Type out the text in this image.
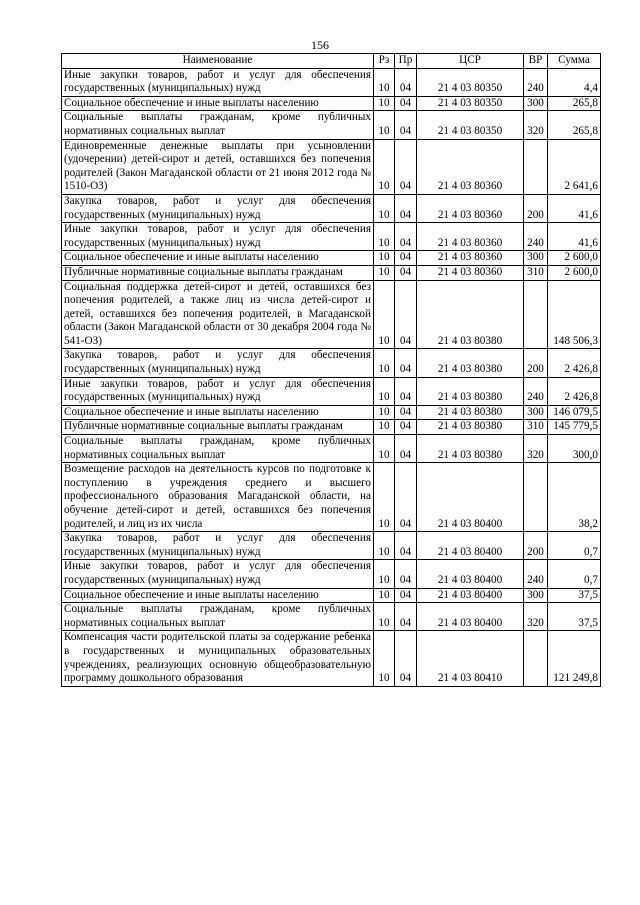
156
Наименование	Рз	Пр	ЦСР	ВР	Сумма
Иные закупки товаров, работ и услуг для обеспечения государственных (муниципальных) нужд	10	04	21 4 03 80350	240	4,4
Социальное обеспечение и иные выплаты населению	10	04	21 4 03 80350	300	265,8
Социальные выплаты гражданам, кроме публичных нормативных социальных выплат	10	04	21 4 03 80350	320	265,8
Единовременные денежные выплаты при усыновлении (удочерении) детей-сирот и детей, оставшихся без попечения родителей (Закон Магаданской области от 21 июня 2012 года № 1510-ОЗ)	10	04	21 4 03 80360		2 641,6
Закупка товаров, работ и услуг для обеспечения государственных (муниципальных) нужд	10	04	21 4 03 80360	200	41,6
Иные закупки товаров, работ и услуг для обеспечения государственных (муниципальных) нужд	10	04	21 4 03 80360	240	41,6
Социальное обеспечение и иные выплаты населению	10	04	21 4 03 80360	300	2 600,0
Публичные нормативные социальные выплаты гражданам	10	04	21 4 03 80360	310	2 600,0
Социальная поддержка детей-сирот и детей, оставшихся без попечения родителей, а также лиц из числа детей-сирот и детей, оставшихся без попечения родителей, в Магаданской области (Закон Магаданской области от 30 декабря 2004 года № 541-ОЗ)	10	04	21 4 03 80380		148 506,3
Закупка товаров, работ и услуг для обеспечения государственных (муниципальных) нужд	10	04	21 4 03 80380	200	2 426,8
Иные закупки товаров, работ и услуг для обеспечения государственных (муниципальных) нужд	10	04	21 4 03 80380	240	2 426,8
Социальное обеспечение и иные выплаты населению	10	04	21 4 03 80380	300	146 079,5
Публичные нормативные социальные выплаты гражданам	10	04	21 4 03 80380	310	145 779,5
Социальные выплаты гражданам, кроме публичных нормативных социальных выплат	10	04	21 4 03 80380	320	300,0
Возмещение расходов на деятельность курсов по подготовке к поступлению в учреждения среднего и высшего профессионального образования Магаданской области, на обучение детей-сирот и детей, оставшихся без попечения родителей, и лиц из их числа	10	04	21 4 03 80400		38,2
Закупка товаров, работ и услуг для обеспечения государственных (муниципальных) нужд	10	04	21 4 03 80400	200	0,7
Иные закупки товаров, работ и услуг для обеспечения государственных (муниципальных) нужд	10	04	21 4 03 80400	240	0,7
Социальное обеспечение и иные выплаты населению	10	04	21 4 03 80400	300	37,5
Социальные выплаты гражданам, кроме публичных нормативных социальных выплат	10	04	21 4 03 80400	320	37,5
Компенсация части родительской платы за содержание ребенка в государственных и муниципальных образовательных учреждениях, реализующих основную общеобразовательную программу дошкольного образования	10	04	21 4 03 80410		121 249,8
